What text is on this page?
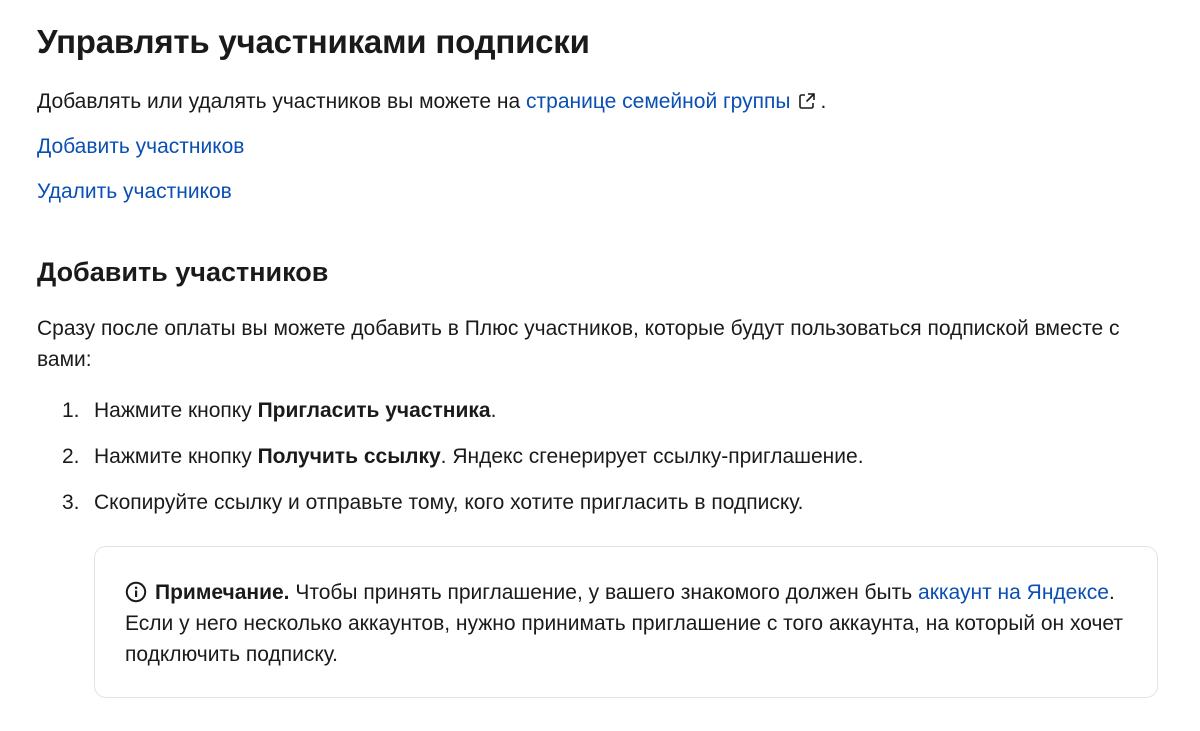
Управлять участниками подписки

Добавлять или удалять участников вы можете на странице семейной группы .

Добавить участников
Удалить участников
Добавить участников

Сразу после оплаты вы можете добавить в Плюс участников, которые будут пользоваться подпиской вместе с вами:

1. Нажмите кнопку Пригласить участника.
2. Нажмите кнопку Получить ссылку. Яндекс сгенерирует ссылку-приглашение.
3. Скопируйте ссылку и отправьте тому, кого хотите пригласить в подписку.
Примечание. Чтобы принять приглашение, у вашего знакомого должен быть аккаунт на Яндексе. Если у него несколько аккаунтов, нужно принимать приглашение с того аккаунта, на который он хочет подключить подписку.
